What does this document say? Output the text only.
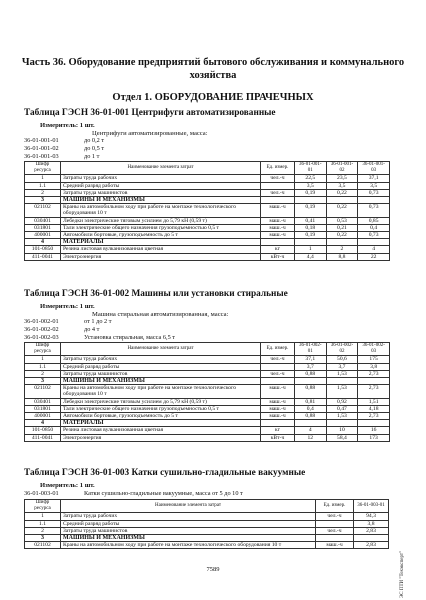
Часть 36. Оборудование предприятий бытового обслуживания и коммунального хозяйства
Отдел 1. ОБОРУДОВАНИЕ ПРАЧЕЧНЫХ
Таблица ГЭСН 36-01-001 Центрифуги автоматизированные
Измеритель: 1 шт.
Центрифуги автоматизированные, масса:
36-01-001-01	до 0,2 т
36-01-001-02	до 0,5 т
36-01-001-03	до 1 т
Шифр ресурса	Наименование элемента затрат	Ед. измер.	36-01-001-01	36-01-001-02	36-01-001-03
1	Затраты труда рабочих	чел.-ч	22,5	23,5	37,1
1.1	Средний разряд работы		3,5	3,5	3,5
2	Затраты труда машинистов	чел.-ч	0,19	0,22	0,73
3	МАШИНЫ И МЕХАНИЗМЫ				
021102	Краны на автомобильном ходу при работе на монтаже технологического оборудования 10 т	маш.-ч	0,19	0,22	0,73
030401	Лебедки электрические тяговым усилием до 5,79 кН (0,59 т)	маш.-ч	0,41	0,53	0,85
031801	Тали электрические общего назначения грузоподъемностью 0,5 т	маш.-ч	0,18	0,21	0,4
400001	Автомобили бортовые, грузоподъемность до 5 т	маш.-ч	0,19	0,22	0,73
4	МАТЕРИАЛЫ				
101-0850	Резина листовая вулканизованная цветная	кг	1	2	4
411-0041	Электроэнергия	кВт-ч	4,4	8,8	22
Таблица ГЭСН 36-01-002 Машины или установки стиральные
Измеритель: 1 шт.
Машина стиральная автоматизированная, масса:
36-01-002-01	от 1 до 2 т
36-01-002-02	до 4 т
36-01-002-03	Установка стиральная, масса 6,5 т
Шифр ресурса	Наименование элемента затрат	Ед. измер.	36-01-002-01	36-01-002-02	36-01-002-03
1	Затраты труда рабочих	чел.-ч	37,1	50,6	175
1.1	Средний разряд работы		3,7	3,7	3,8
2	Затраты труда машинистов	чел.-ч	0,88	1,53	2,73
3	МАШИНЫ И МЕХАНИЗМЫ				
021102	Краны на автомобильном ходу при работе на монтаже технологического оборудования 10 т	маш.-ч	0,88	1,53	2,73
030401	Лебедки электрические тяговым усилием до 5,79 кН (0,59 т)	маш.-ч	0,81	0,92	1,51
031801	Тали электрические общего назначения грузоподъемностью 0,5 т	маш.-ч	0,4	0,47	4,18
400001	Автомобили бортовые, грузоподъемность до 5 т	маш.-ч	0,88	1,53	2,73
4	МАТЕРИАЛЫ				
101-0850	Резина листовая вулканизованная цветная	кг	4	10	16
411-0041	Электроэнергия	кВт-ч	12	58,4	173
Таблица ГЭСН 36-01-003 Катки сушильно-гладильные вакуумные
Измеритель: 1 шт.
36-01-003-01	Катки сушильно-гладильные вакуумные, масса от 5 до 10 т
Шифр ресурса	Наименование элемента затрат	Ед. измер.	36-01-003-01
1	Затраты труда рабочих	чел.-ч	94,3
1.1	Средний разряд работы		3,8
2	Затраты труда машинистов	чел.-ч	2,83
3	МАШИНЫ И МЕХАНИЗМЫ		
021102	Краны на автомобильном ходу при работе на монтаже технологического оборудования 10 т	маш.-ч	2,83
7589	ЭС ПТИ "Техэксперт"
